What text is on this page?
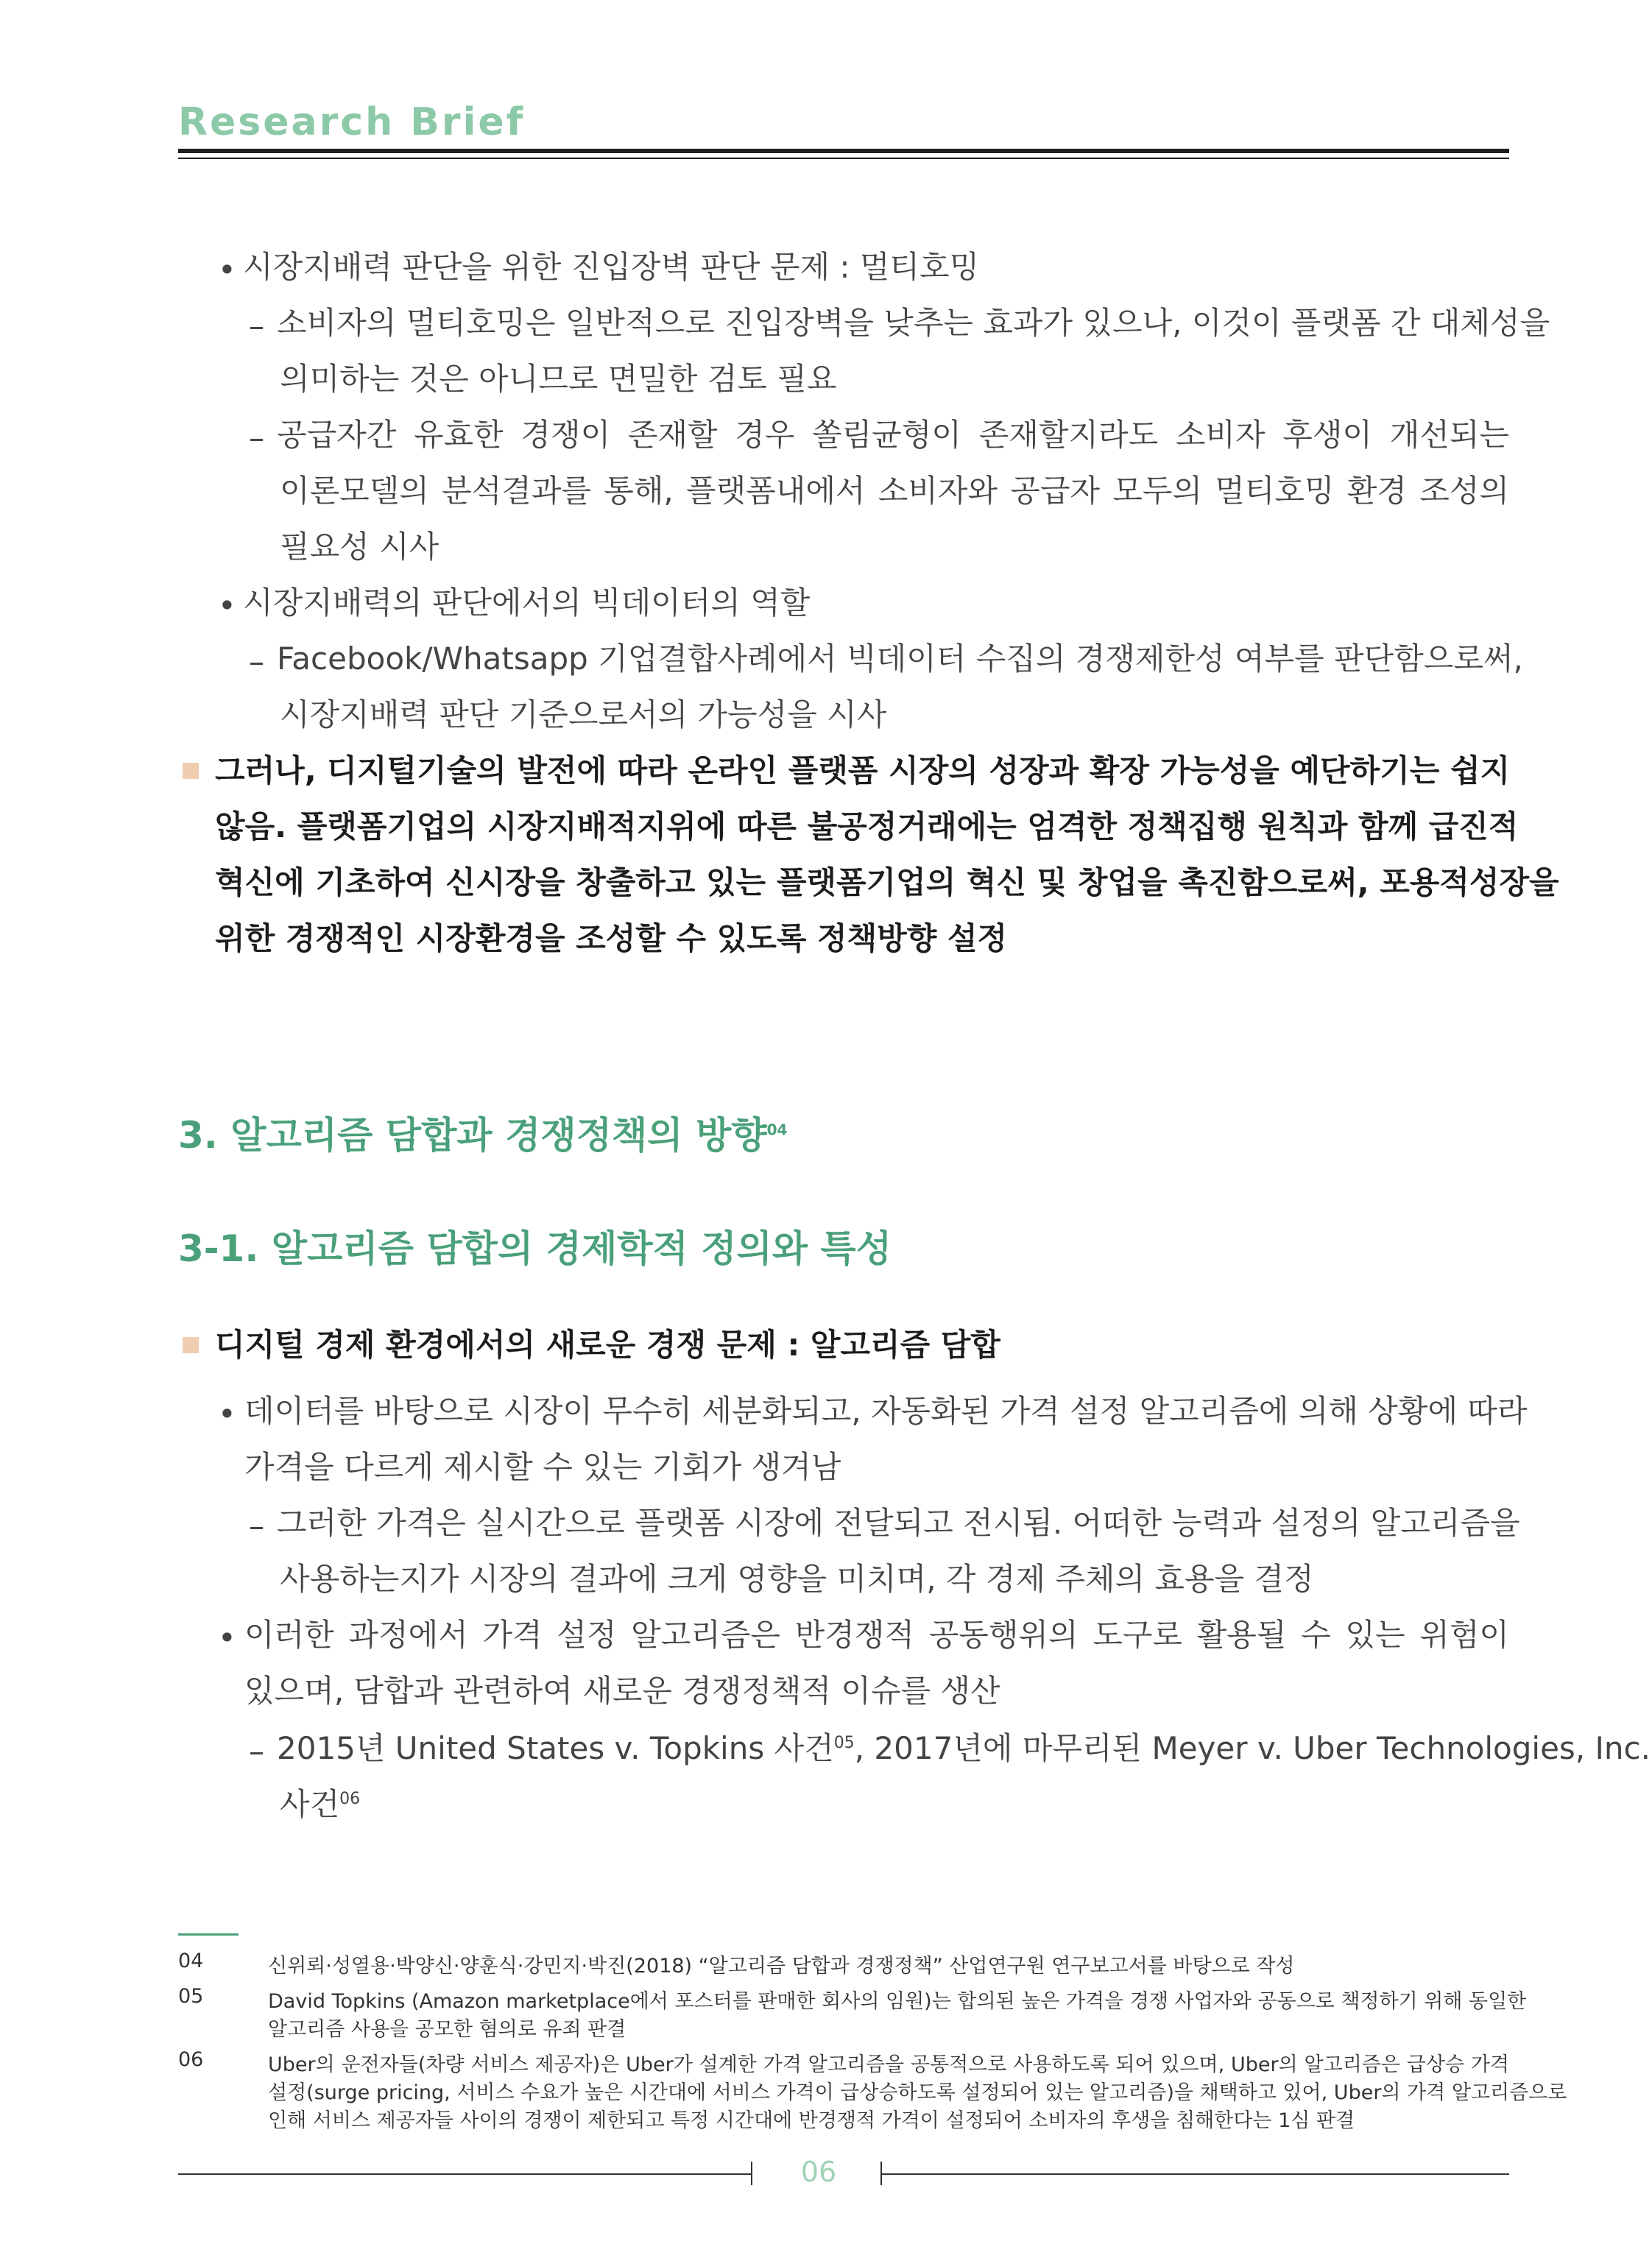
Research Brief
• 시장지배력 판단을 위한 진입장벽 판단 문제 : 멀티호밍
– 소비자의 멀티호밍은 일반적으로 진입장벽을 낮추는 효과가 있으나, 이것이 플랫폼 간 대체성을
의미하는 것은 아니므로 면밀한 검토 필요
– 공급자간 유효한 경쟁이 존재할 경우 쏠림균형이 존재할지라도 소비자 후생이 개선되는
이론모델의 분석결과를 통해, 플랫폼내에서 소비자와 공급자 모두의 멀티호밍 환경 조성의
필요성 시사
• 시장지배력의 판단에서의 빅데이터의 역할
– Facebook/Whatsapp 기업결합사례에서 빅데이터 수집의 경쟁제한성 여부를 판단함으로써,
시장지배력 판단 기준으로서의 가능성을 시사
그러나, 디지털기술의 발전에 따라 온라인 플랫폼 시장의 성장과 확장 가능성을 예단하기는 쉽지
않음. 플랫폼기업의 시장지배적지위에 따른 불공정거래에는 엄격한 정책집행 원칙과 함께 급진적
혁신에 기초하여 신시장을 창출하고 있는 플랫폼기업의 혁신 및 창업을 촉진함으로써, 포용적성장을
위한 경쟁적인 시장환경을 조성할 수 있도록 정책방향 설정
3. 알고리즘 담합과 경쟁정책의 방향$^{04}$
3-1. 알고리즘 담합의 경제학적 정의와 특성
디지털 경제 환경에서의 새로운 경쟁 문제 : 알고리즘 담합
• 데이터를 바탕으로 시장이 무수히 세분화되고, 자동화된 가격 설정 알고리즘에 의해 상황에 따라
가격을 다르게 제시할 수 있는 기회가 생겨남
– 그러한 가격은 실시간으로 플랫폼 시장에 전달되고 전시됨. 어떠한 능력과 설정의 알고리즘을
사용하는지가 시장의 결과에 크게 영향을 미치며, 각 경제 주체의 효용을 결정
• 이러한 과정에서 가격 설정 알고리즘은 반경쟁적 공동행위의 도구로 활용될 수 있는 위험이
있으며, 담합과 관련하여 새로운 경쟁정책적 이슈를 생산
– 2015년 United States v. Topkins 사건$^{05}$, 2017년에 마무리된 Meyer v. Uber Technologies, Inc.
사건$^{06}$
04	신위뢰·성열용·박양신·양훈식·강민지·박진(2018) “알고리즘 담합과 경쟁정책” 산업연구원 연구보고서를 바탕으로 작성
05	David Topkins (Amazon marketplace에서 포스터를 판매한 회사의 임원)는 합의된 높은 가격을 경쟁 사업자와 공동으로 책정하기 위해 동일한
알고리즘 사용을 공모한 혐의로 유죄 판결
06	Uber의 운전자들(차량 서비스 제공자)은 Uber가 설계한 가격 알고리즘을 공통적으로 사용하도록 되어 있으며, Uber의 알고리즘은 급상승 가격
설정(surge pricing, 서비스 수요가 높은 시간대에 서비스 가격이 급상승하도록 설정되어 있는 알고리즘)을 채택하고 있어, Uber의 가격 알고리즘으로
인해 서비스 제공자들 사이의 경쟁이 제한되고 특정 시간대에 반경쟁적 가격이 설정되어 소비자의 후생을 침해한다는 1심 판결
06
